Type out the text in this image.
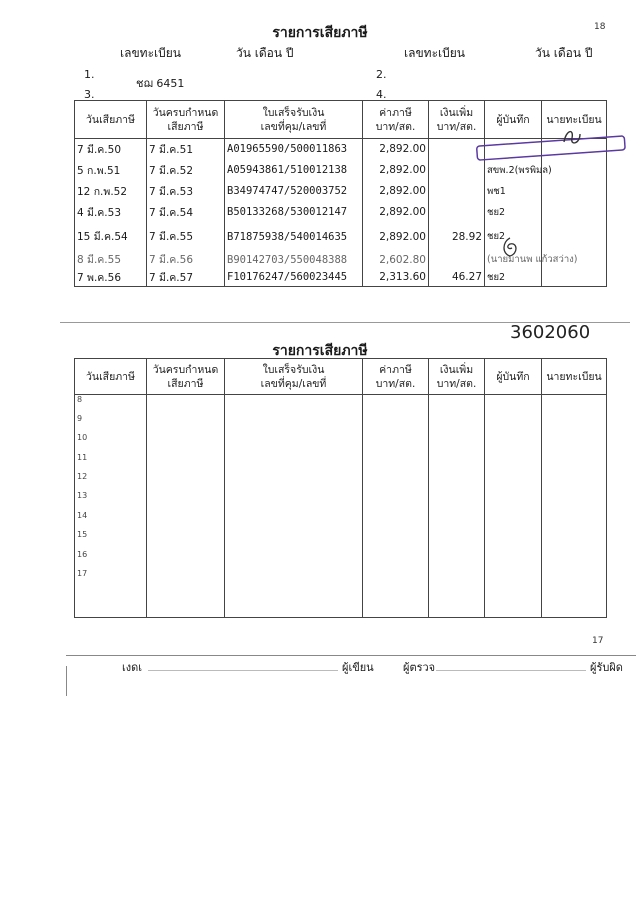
18
รายการเสียภาษี
เลขทะเบียน	วัน เดือน ปี	เลขทะเบียน	วัน เดือน ปี
1.
ชฌ 6451
2.
3.	4.
วันเสียภาษี	วันครบกำหนด
เสียภาษี	ใบเสร็จรับเงิน
เลขที่คุม/เลขที่	ค่าภาษี
บาท/สต.	เงินเพิ่ม
บาท/สต.	ผู้บันทึก	นายทะเบียน
7 มี.ค.50	7 มี.ค.51	A01965590/500011863	2,892.00			
5 ก.พ.51	7 มี.ค.52	A05943861/510012138	2,892.00		สขพ.2(พรพิมล)	
12 ก.พ.52	7 มี.ค.53	B34974747/520003752	2,892.00		พช1	
4 มี.ค.53	7 มี.ค.54	B50133268/530012147	2,892.00		ชย2	
15 มี.ค.54	7 มี.ค.55	B71875938/540014635	2,892.00	28.92	ชย2	
8 มี.ค.55	7 มี.ค.56	B90142703/550048388	2,602.80		(นายมานพ แก้วสว่าง)	
7 พ.ค.56	7 มี.ค.57	F10176247/560023445	2,313.60	46.27	ชย2	
รายการเสียภาษี
3602060
วันเสียภาษี	วันครบกำหนด
เสียภาษี	ใบเสร็จรับเงิน
เลขที่คุม/เลขที่	ค่าภาษี
บาท/สต.	เงินเพิ่ม
บาท/สต.	ผู้บันทึก	นายทะเบียน
8						
9						
10						
11						
12						
13						
14						
15						
16						
17						
17
เงดเ	ผู้เขียน	ผู้ตรวจ	ผู้รับผิด
